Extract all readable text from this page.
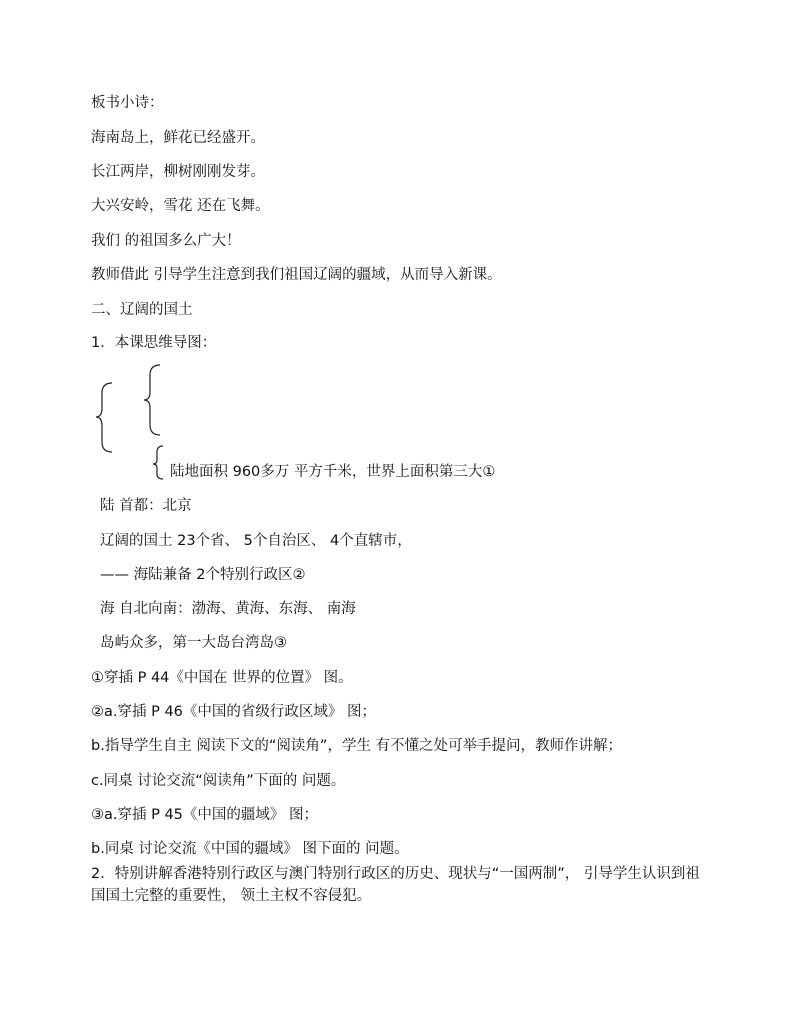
板书小诗：
海南岛上，鲜花已经盛开。
长江两岸，柳树刚刚发芽。
大兴安岭，雪花 还在飞舞。
我们 的祖国多么广大！
教师借此 引导学生注意到我们祖国辽阔的疆域，从而导入新课。
二、辽阔的国土
1．本课思维导图：
陆地面积 960多万 平方千米，世界上面积第三大①
陆 首都：北京
辽阔的国土 23个省、 5个自治区、 4个直辖市，
—— 海陆兼备 2个特别行政区②
海 自北向南：渤海、黄海、东海、 南海
岛屿众多，第一大岛台湾岛③
①穿插 P 44《中国在 世界的位置》 图。
②a.穿插 P 46《中国的省级行政区域》 图；
b.指导学生自主 阅读下文的“阅读角”，学生 有不懂之处可举手提问，教师作讲解；
c.同桌 讨论交流“阅读角”下面的 问题。
③a.穿插 P 45《中国的疆域》 图；
b.同桌 讨论交流《中国的疆域》 图下面的 问题。
2．特别讲解香港特别行政区与澳门特别行政区的历史、现状与“一国两制”， 引导学生认识到祖国国土完整的重要性， 领土主权不容侵犯。
